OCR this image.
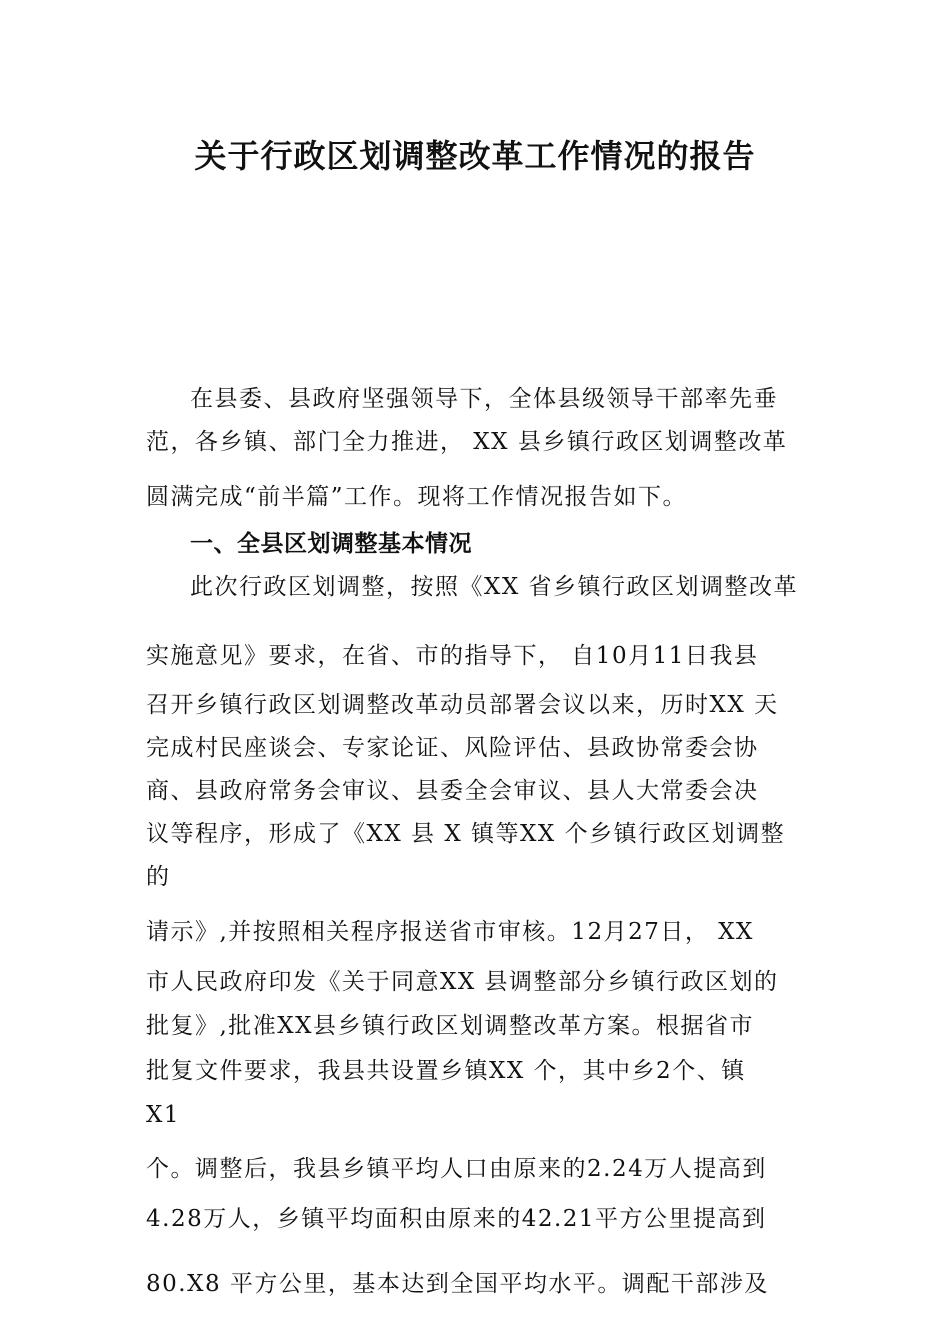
关于行政区划调整改革工作情况的报告
在县委、县政府坚强领导下，全体县级领导干部率先垂
范，各乡镇、部门全力推进， XX 县乡镇行政区划调整改革
圆满完成“前半篇”工作。现将工作情况报告如下。
一、全县区划调整基本情况
此次行政区划调整，按照《XX 省乡镇行政区划调整改革
实施意见》要求，在省、市的指导下， 自10月11日我县
召开乡镇行政区划调整改革动员部署会议以来，历时XX 天
完成村民座谈会、专家论证、风险评估、县政协常委会协
商、县政府常务会审议、县委全会审议、县人大常委会决
议等程序，形成了《XX 县 X 镇等XX 个乡镇行政区划调整
的
请示》,并按照相关程序报送省市审核。12月27日， XX
市人民政府印发《关于同意XX 县调整部分乡镇行政区划的
批复》,批准XX县乡镇行政区划调整改革方案。根据省市
批复文件要求，我县共设置乡镇XX 个，其中乡2个、镇
X1
个。调整后，我县乡镇平均人口由原来的2.24万人提高到
4.28万人，乡镇平均面积由原来的42.21平方公里提高到
80.X8 平方公里，基本达到全国平均水平。调配干部涉及
